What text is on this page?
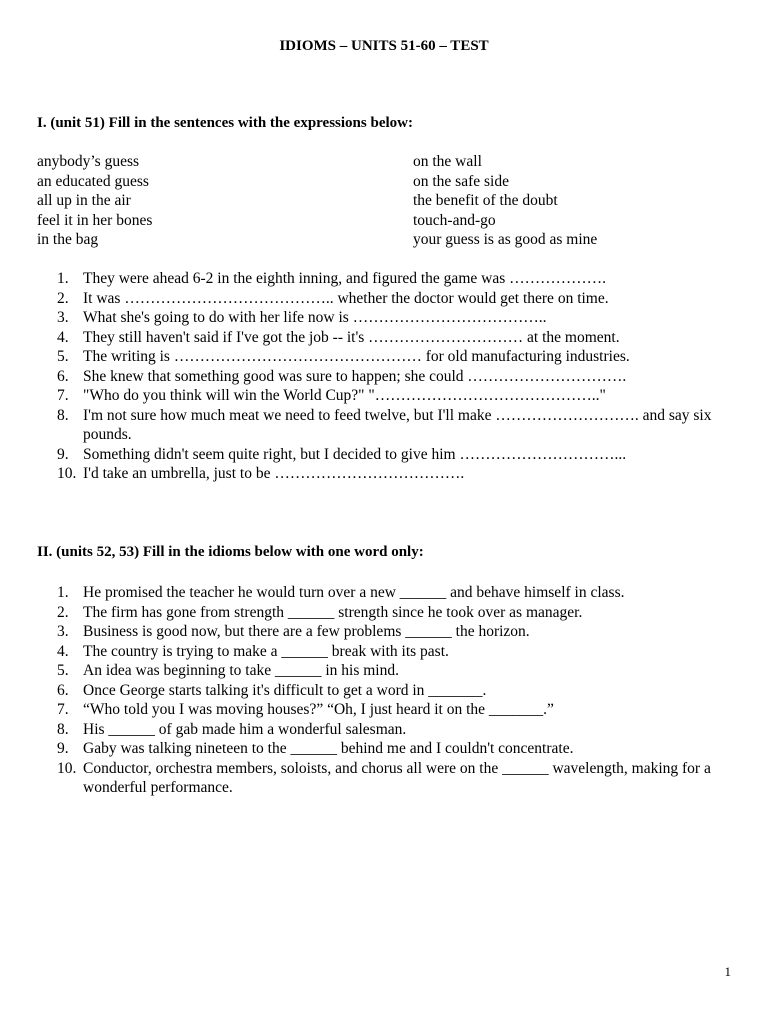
IDIOMS – UNITS 51-60 – TEST
I. (unit 51) Fill in the sentences with the expressions below:
anybody’s guess
an educated guess
all up in the air
feel it in her bones
in the bag
on the wall
on the safe side
the benefit of the doubt
touch-and-go
your guess is as good as mine
1. They were ahead 6-2 in the eighth inning, and figured the game was ……………….
2. It was ………………………………….. whether the doctor would get there on time.
3. What she's going to do with her life now is ………………………………..
4. They still haven't said if I've got the job -- it's ………………………… at the moment.
5. The writing is ………………………………………… for old manufacturing industries.
6. She knew that something good was sure to happen; she could ………………………….
7. "Who do you think will win the World Cup?" "…………………………………….."
8. I'm not sure how much meat we need to feed twelve, but I'll make ………………………. and say six pounds.
9. Something didn't seem quite right, but I decided to give him …………………………...
10. I'd take an umbrella, just to be ……………………………….
II. (units 52, 53) Fill in the idioms below with one word only:
1. He promised the teacher he would turn over a new ______ and behave himself in class.
2. The firm has gone from strength ______ strength since he took over as manager.
3. Business is good now, but there are a few problems ______ the horizon.
4. The country is trying to make a ______ break with its past.
5. An idea was beginning to take ______ in his mind.
6. Once George starts talking it's difficult to get a word in _______.
7. “Who told you I was moving houses?” “Oh, I just heard it on the _______.”
8. His ______ of gab made him a wonderful salesman.
9. Gaby was talking nineteen to the ______ behind me and I couldn't concentrate.
10. Conductor, orchestra members, soloists, and chorus all were on the ______ wavelength, making for a wonderful performance.
1
